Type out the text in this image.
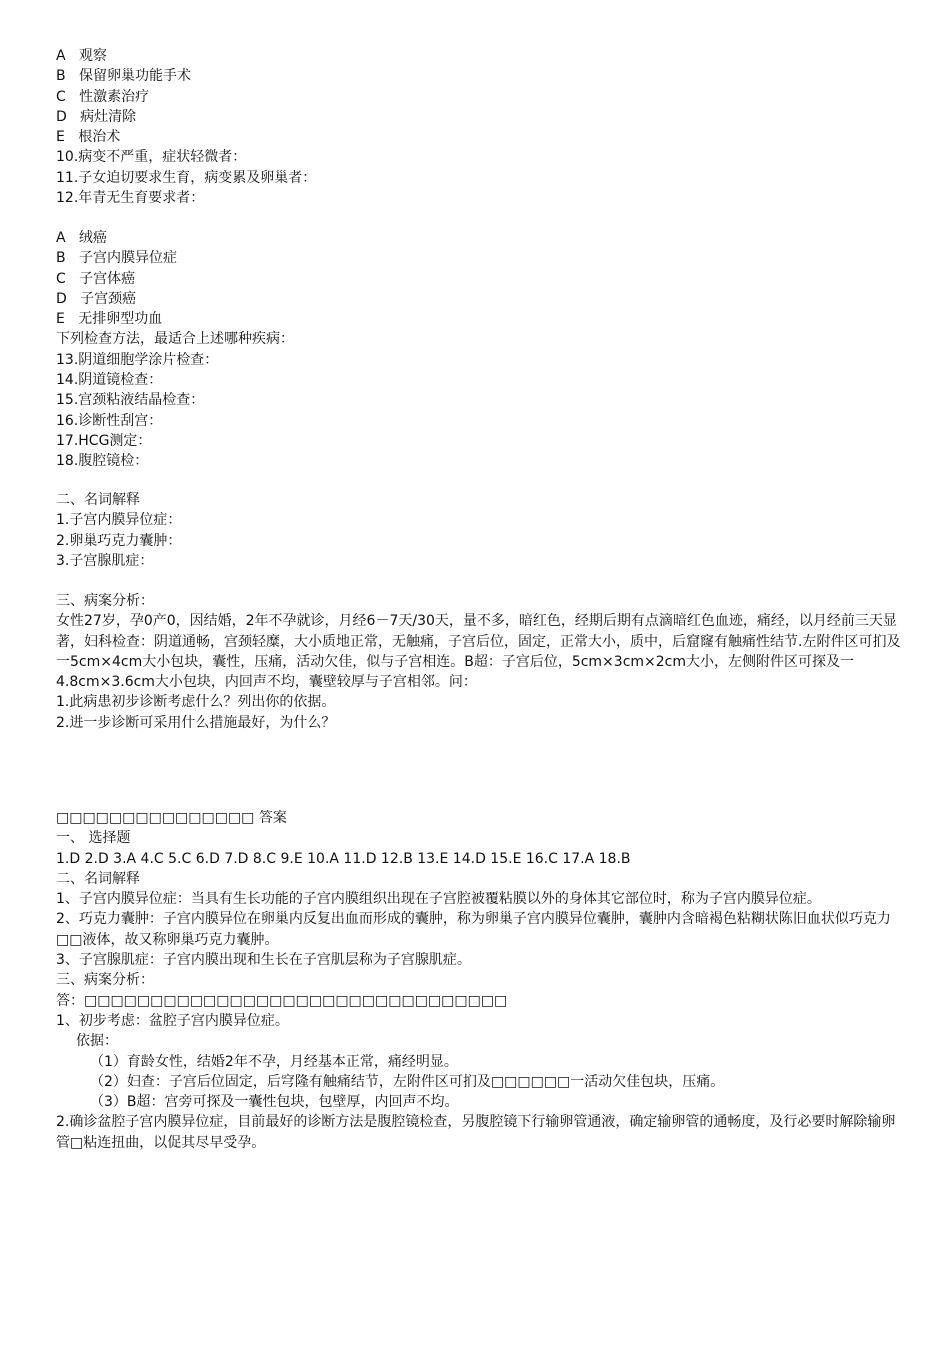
A   观察
B   保留卵巢功能手术
C   性激素治疗
D   病灶清除
E   根治术
10.病变不严重，症状轻微者：
11.子女迫切要求生育，病变累及卵巢者：
12.年青无生育要求者：
A   绒癌
B   子宫内膜异位症
C   子宫体癌
D   子宫颈癌
E   无排卵型功血
下列检查方法，最适合上述哪种疾病：
13.阴道细胞学涂片检查：
14.阴道镜检查：
15.宫颈粘液结晶检查：
16.诊断性刮宫：
17.HCG测定：
18.腹腔镜检：
二、名词解释
1.子宫内膜异位症：
2.卵巢巧克力囊肿：
3.子宫腺肌症：
三、病案分析：
女性27岁，孕0产0，因结婚，2年不孕就诊，月经6－7天/30天，量不多，暗红色，经期后期有点滴暗红色血迹，痛经，以月经前三天显著，妇科检查：阴道通畅，宫颈轻糜，大小质地正常，无触痛，子宫后位，固定，正常大小，质中，后窟窿有触痛性结节.左附件区可扪及一5cm×4cm大小包块，囊性，压痛，活动欠佳，似与子宫相连。B超：子宫后位，5cm×3cm×2cm大小，左侧附件区可探及一4.8cm×3.6cm大小包块，内回声不均，囊壁较厚与子宫相邻。问：
1.此病患初步诊断考虑什么？列出你的依据。
2.进一步诊断可采用什么措施最好，为什么？
□□□□□□□□□□□□□□□ 答案
一、 选择题
1.D 2.D 3.A 4.C 5.C 6.D 7.D 8.C 9.E 10.A 11.D 12.B 13.E 14.D 15.E 16.C 17.A 18.B
二、名词解释
1、子宫内膜异位症：当具有生长功能的子宫内膜组织出现在子宫腔被覆粘膜以外的身体其它部位时，称为子宫内膜异位症。
2、巧克力囊肿：子宫内膜异位在卵巢内反复出血而形成的囊肿，称为卵巢子宫内膜异位囊肿，囊肿内含暗褐色粘糊状陈旧血状似巧克力□□液体，故又称卵巢巧克力囊肿。
3、子宫腺肌症：子宫内膜出现和生长在子宫肌层称为子宫腺肌症。
三、病案分析：
答：□□□□□□□□□□□□□□□□□□□□□□□□□□□□□□□□
1、初步考虑：盆腔子宫内膜异位症。
依据：
（1）育龄女性，结婚2年不孕，月经基本正常，痛经明显。
（2）妇查：子宫后位固定，后穹隆有触痛结节，左附件区可扪及□□□□□□一活动欠佳包块，压痛。
（3）B超：宫旁可探及一囊性包块，包壁厚，内回声不均。
2.确诊盆腔子宫内膜异位症，目前最好的诊断方法是腹腔镜检查，另腹腔镜下行输卵管通液，确定输卵管的通畅度，及行必要时解除输卵管□粘连扭曲，以促其尽早受孕。
